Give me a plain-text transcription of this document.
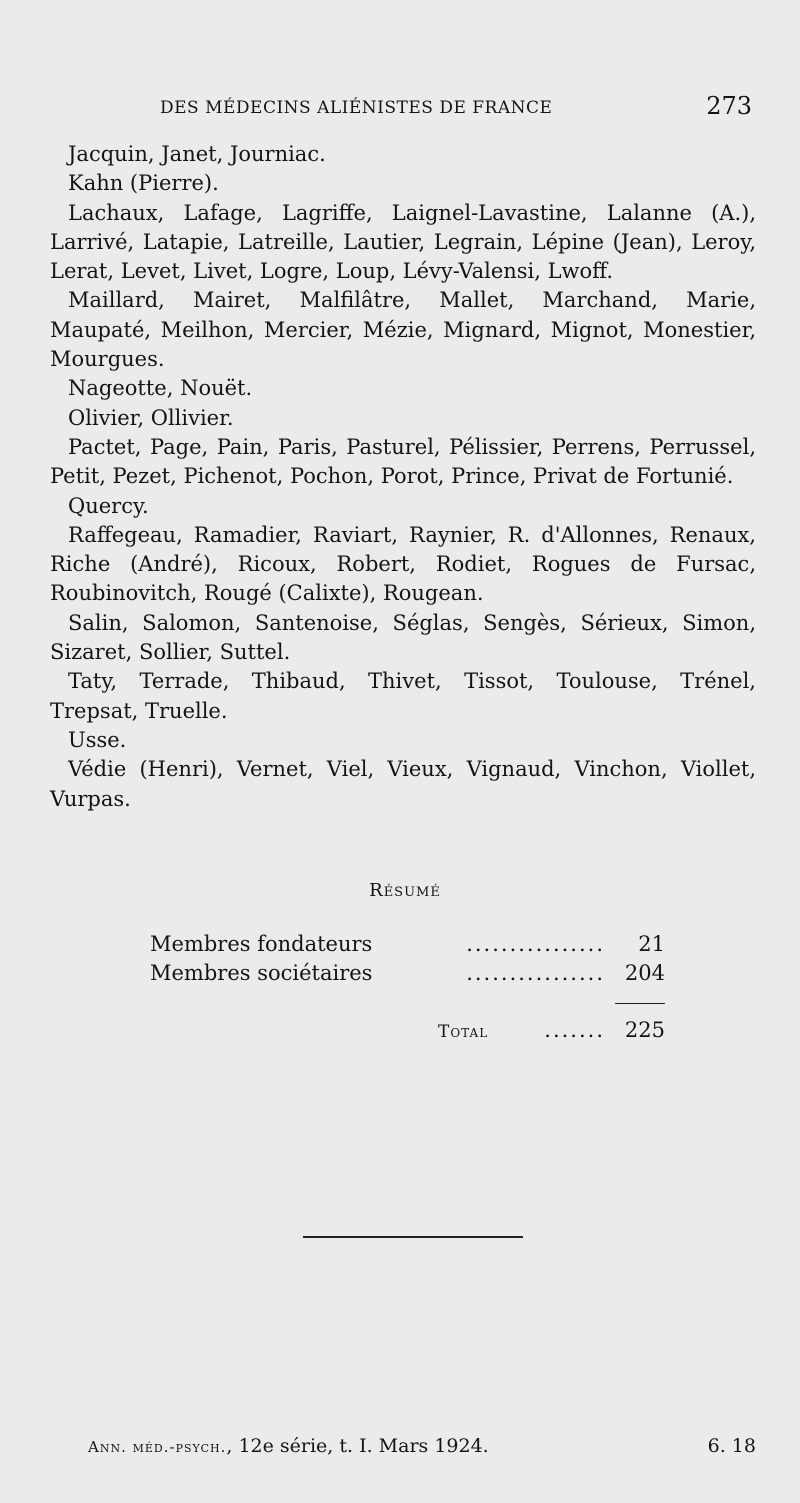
DES MÉDECINS ALIÉNISTES DE FRANCE	273

Jacquin, Janet, Journiac.

Kahn (Pierre).

Lachaux, Lafage, Lagriffe, Laignel-Lavastine, Lalanne (A.), Larrivé, Latapie, Latreille, Lautier, Legrain, Lépine (Jean), Leroy, Lerat, Levet, Livet, Logre, Loup, Lévy-Valensi, Lwoff.

Maillard, Mairet, Malfilâtre, Mallet, Marchand, Marie, Maupaté, Meilhon, Mercier, Mézie, Mignard, Mignot, Monestier, Mourgues.

Nageotte, Nouët.

Olivier, Ollivier.

Pactet, Page, Pain, Paris, Pasturel, Pélissier, Perrens, Perrussel, Petit, Pezet, Pichenot, Pochon, Porot, Prince, Privat de Fortunié.

Quercy.

Raffegeau, Ramadier, Raviart, Raynier, R. d'Allonnes, Renaux, Riche (André), Ricoux, Robert, Rodiet, Rogues de Fursac, Roubinovitch, Rougé (Calixte), Rougean.

Salin, Salomon, Santenoise, Séglas, Sengès, Sérieux, Simon, Sizaret, Sollier, Suttel.

Taty, Terrade, Thibaud, Thivet, Tissot, Toulouse, Trénel, Trepsat, Truelle.

Usse.

Védie (Henri), Vernet, Viel, Vieux, Vignaud, Vinchon, Viollet, Vurpas.

Résumé
................
Membres fondateurs	21
................
Membres sociétaires	204
.......
Total	225
Ann. méd.-psych., 12e série, t. I. Mars 1924.	6. 18
